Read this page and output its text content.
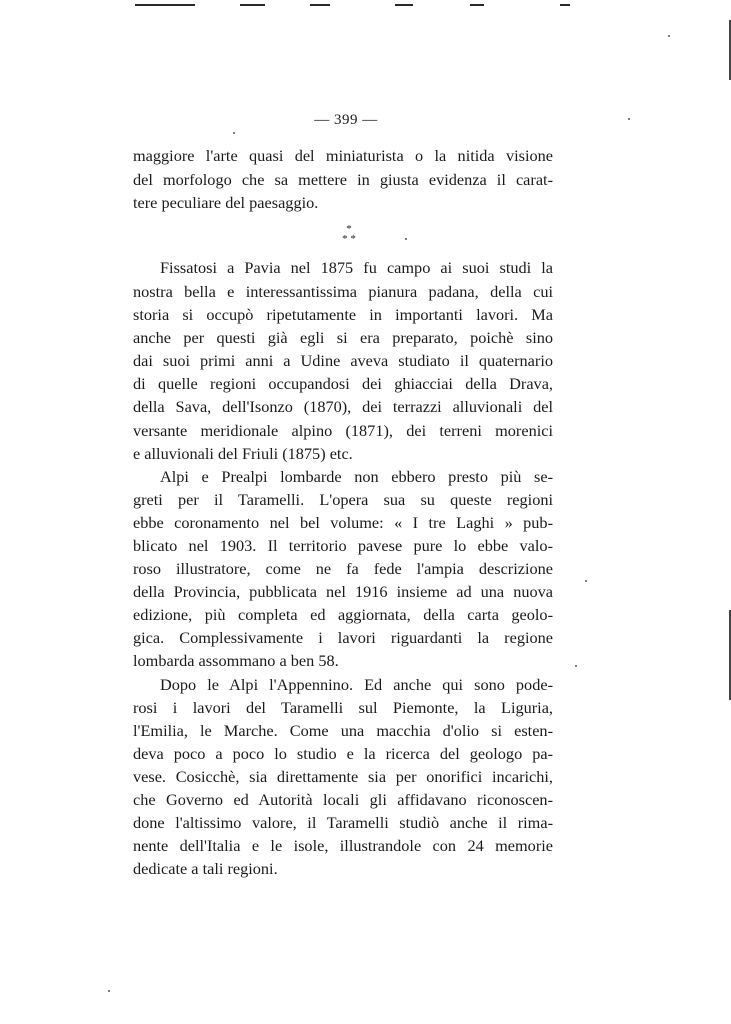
— 399 —
maggiore l'arte quasi del miniaturista o la nitida visione
del morfologo che sa mettere in giusta evidenza il carat-
tere peculiare del paesaggio.
*
* *
Fissatosi a Pavia nel 1875 fu campo ai suoi studi la
nostra bella e interessantissima pianura padana, della cui
storia si occupò ripetutamente in importanti lavori. Ma
anche per questi già egli si era preparato, poichè sino
dai suoi primi anni a Udine aveva studiato il quaternario
di quelle regioni occupandosi dei ghiacciai della Drava,
della Sava, dell'Isonzo (1870), dei terrazzi alluvionali del
versante meridionale alpino (1871), dei terreni morenici
e alluvionali del Friuli (1875) etc.
Alpi e Prealpi lombarde non ebbero presto più se-
greti per il Taramelli. L'opera sua su queste regioni
ebbe coronamento nel bel volume: « I tre Laghi » pub-
blicato nel 1903. Il territorio pavese pure lo ebbe valo-
roso illustratore, come ne fa fede l'ampia descrizione
della Provincia, pubblicata nel 1916 insieme ad una nuova
edizione, più completa ed aggiornata, della carta geolo-
gica. Complessivamente i lavori riguardanti la regione
lombarda assommano a ben 58.
Dopo le Alpi l'Appennino. Ed anche qui sono pode-
rosi i lavori del Taramelli sul Piemonte, la Liguria,
l'Emilia, le Marche. Come una macchia d'olio si esten-
deva poco a poco lo studio e la ricerca del geologo pa-
vese. Cosicchè, sia direttamente sia per onorifici incarichi,
che Governo ed Autorità locali gli affidavano riconoscen-
done l'altissimo valore, il Taramelli studiò anche il rima-
nente dell'Italia e le isole, illustrandole con 24 memorie
dedicate a tali regioni.
